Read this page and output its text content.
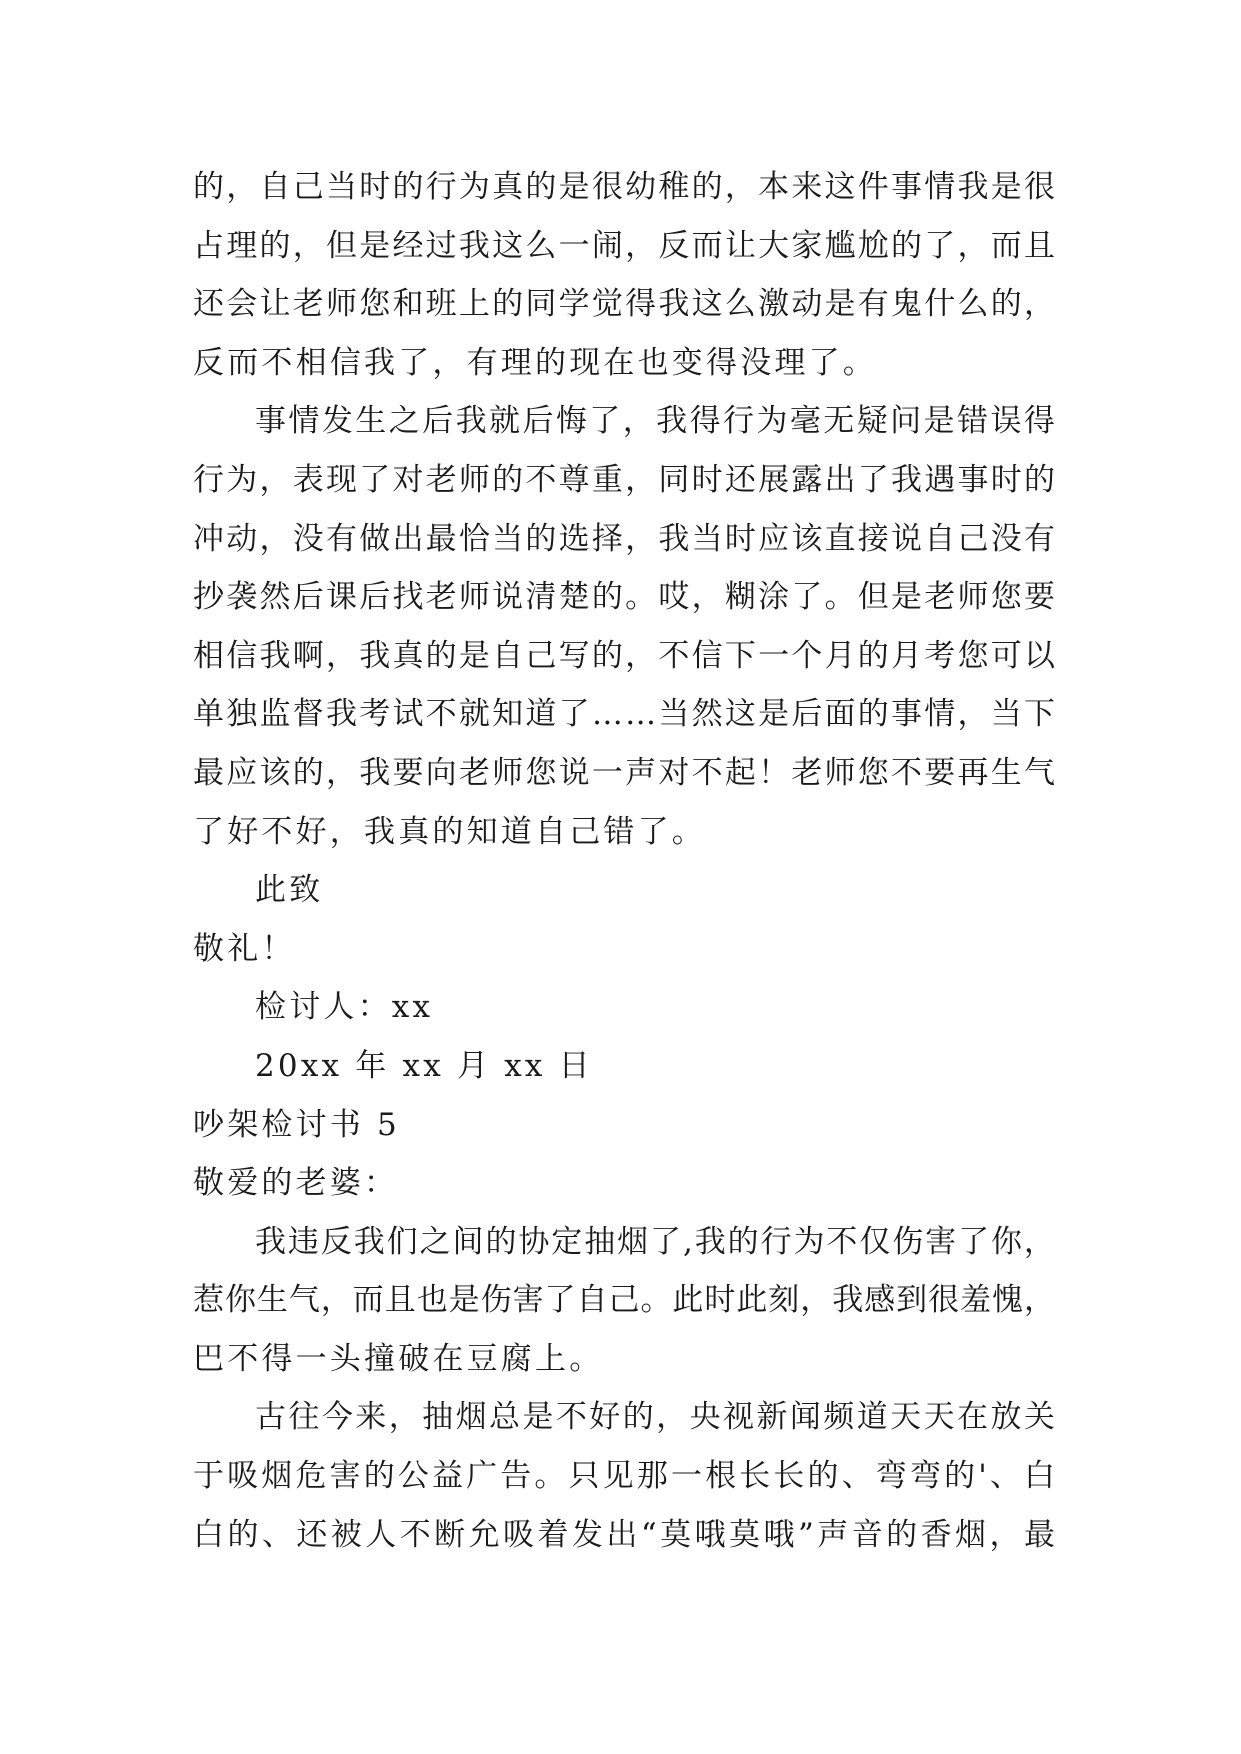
的，自己当时的行为真的是很幼稚的，本来这件事情我是很
占理的，但是经过我这么一闹，反而让大家尴尬的了，而且
还会让老师您和班上的同学觉得我这么激动是有鬼什么的，
反而不相信我了，有理的现在也变得没理了。
事情发生之后我就后悔了，我得行为毫无疑问是错误得
行为，表现了对老师的不尊重，同时还展露出了我遇事时的
冲动，没有做出最恰当的选择，我当时应该直接说自己没有
抄袭然后课后找老师说清楚的。哎，糊涂了。但是老师您要
相信我啊，我真的是自己写的，不信下一个月的月考您可以
单独监督我考试不就知道了……当然这是后面的事情，当下
最应该的，我要向老师您说一声对不起！老师您不要再生气
了好不好，我真的知道自己错了。
此致
敬礼！
检讨人：xx
20xx 年 xx 月 xx 日
吵架检讨书 5
敬爱的老婆：
我违反我们之间的协定抽烟了,我的行为不仅伤害了你，
惹你生气，而且也是伤害了自己。此时此刻，我感到很羞愧，
巴不得一头撞破在豆腐上。
古往今来，抽烟总是不好的，央视新闻频道天天在放关
于吸烟危害的公益广告。只见那一根长长的、弯弯的'、白
白的、还被人不断允吸着发出“莫哦莫哦”声音的香烟，最
